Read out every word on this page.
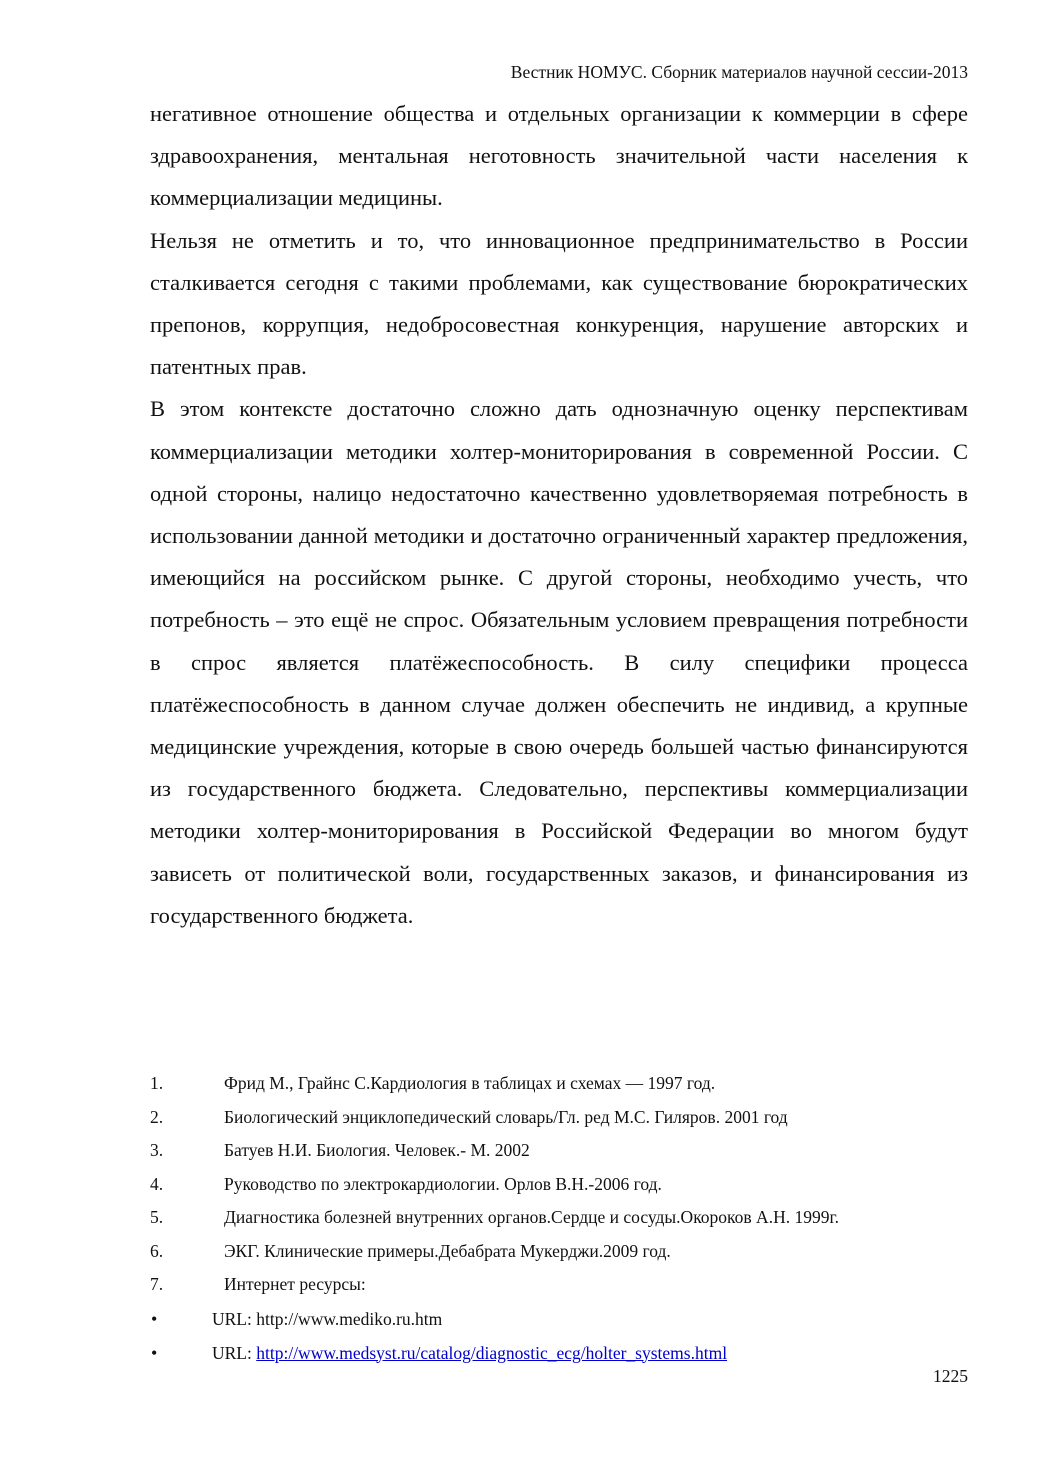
Вестник НОМУС. Сборник материалов научной сессии-2013

негативное отношение общества и отдельных организации к коммерции в сфере здравоохранения, ментальная неготовность значительной части населения к коммерциализации медицины.

Нельзя не отметить и то, что инновационное предпринимательство в России сталкивается сегодня с такими проблемами, как существование бюрократических препонов, коррупция, недобросовестная конкуренция, нарушение авторских и патентных прав.

В этом контексте достаточно сложно дать однозначную оценку перспективам коммерциализации методики холтер-мониторирования в современной России. С одной стороны, налицо недостаточно качественно удовлетворяемая потребность в использовании данной методики и достаточно ограниченный характер предложения, имеющийся на российском рынке. С другой стороны, необходимо учесть, что потребность – это ещё не спрос. Обязательным условием превращения потребности в спрос является платёжеспособность. В силу специфики процесса платёжеспособность в данном случае должен обеспечить не индивид, а крупные медицинские учреждения, которые в свою очередь большей частью финансируются из государственного бюджета. Следовательно, перспективы коммерциализации методики холтер-мониторирования в Российской Федерации во многом будут зависеть от политической воли, государственных заказов, и финансирования из государственного бюджета.

1.	Фрид М., Грайнс С.Кардиология в таблицах и схемах — 1997 год.
2.	Биологический энциклопедический словарь/Гл. ред М.С. Гиляров. 2001 год
3.	Батуев Н.И. Биология. Человек.- М. 2002
4.	Руководство по электрокардиологии. Орлов В.Н.-2006 год.
5.	Диагностика болезней внутренних органов.Сердце и сосуды.Окороков А.Н. 1999г.
6.	ЭКГ. Клинические примеры.Дебабрата Мукерджи.2009 год.
7.	Интернет ресурсы:
•	URL: http://www.mediko.ru.htm
•	URL: http://www.medsyst.ru/catalog/diagnostic_ecg/holter_systems.html
1225
